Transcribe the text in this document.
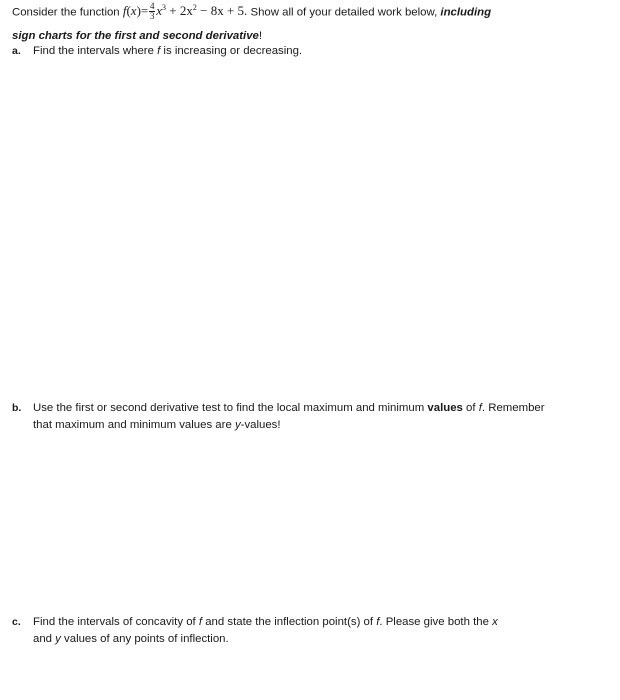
Consider the function $f(x)= \frac{4}{3} x^3 + 2x^2 - 8x + 5$. Show all of your detailed work below, including
sign charts for the first and second derivative!
a. Find the intervals where f is increasing or decreasing.
b. Use the first or second derivative test to find the local maximum and minimum values of f. Remember
that maximum and minimum values are y-values!
c. Find the intervals of concavity of f and state the inflection point(s) of f. Please give both the x
and y values of any points of inflection.
